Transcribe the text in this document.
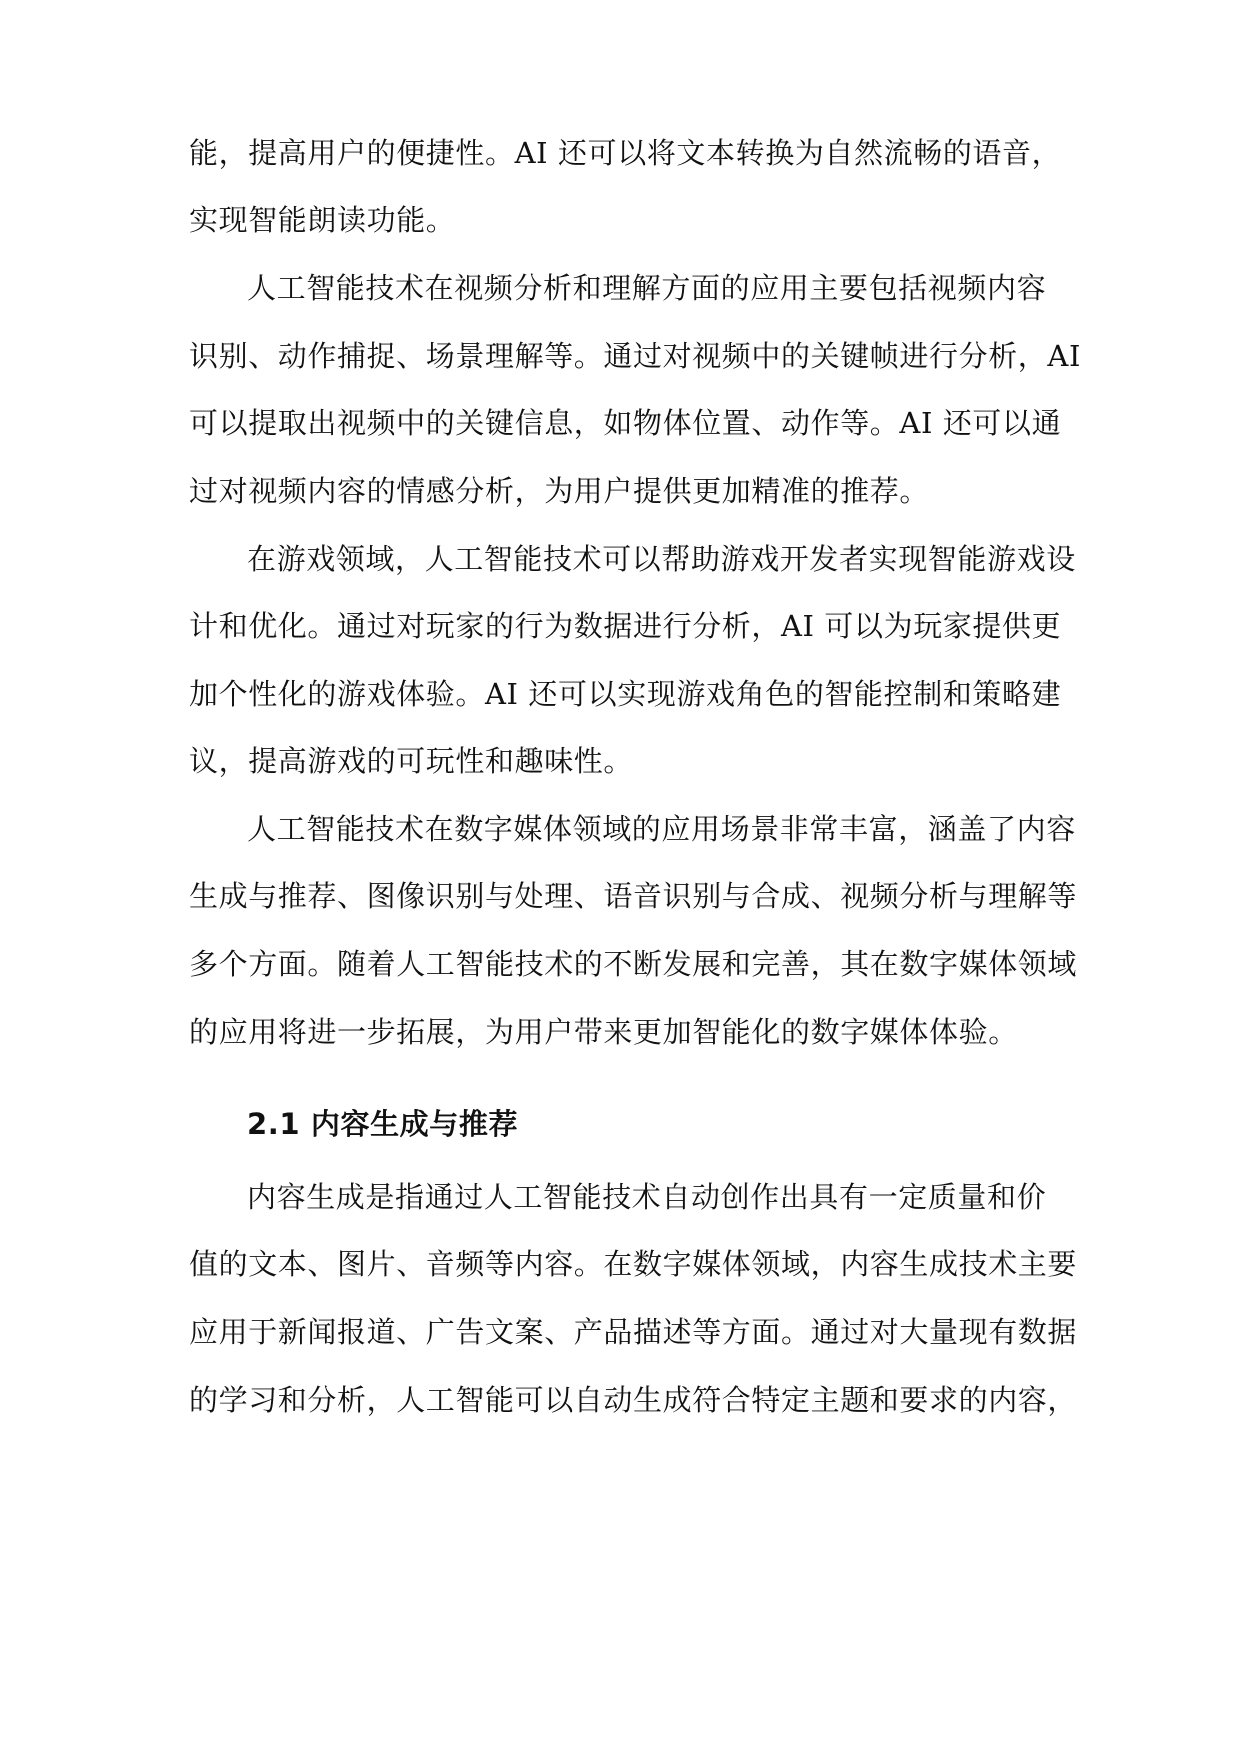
能，提高用户的便捷性。AI 还可以将文本转换为自然流畅的语音，
实现智能朗读功能。
人工智能技术在视频分析和理解方面的应用主要包括视频内容
识别、动作捕捉、场景理解等。通过对视频中的关键帧进行分析，AI
可以提取出视频中的关键信息，如物体位置、动作等。AI 还可以通
过对视频内容的情感分析，为用户提供更加精准的推荐。
在游戏领域，人工智能技术可以帮助游戏开发者实现智能游戏设
计和优化。通过对玩家的行为数据进行分析，AI 可以为玩家提供更
加个性化的游戏体验。AI 还可以实现游戏角色的智能控制和策略建
议，提高游戏的可玩性和趣味性。
人工智能技术在数字媒体领域的应用场景非常丰富，涵盖了内容
生成与推荐、图像识别与处理、语音识别与合成、视频分析与理解等
多个方面。随着人工智能技术的不断发展和完善，其在数字媒体领域
的应用将进一步拓展，为用户带来更加智能化的数字媒体体验。
2.1 内容生成与推荐
内容生成是指通过人工智能技术自动创作出具有一定质量和价
值的文本、图片、音频等内容。在数字媒体领域，内容生成技术主要
应用于新闻报道、广告文案、产品描述等方面。通过对大量现有数据
的学习和分析，人工智能可以自动生成符合特定主题和要求的内容，
